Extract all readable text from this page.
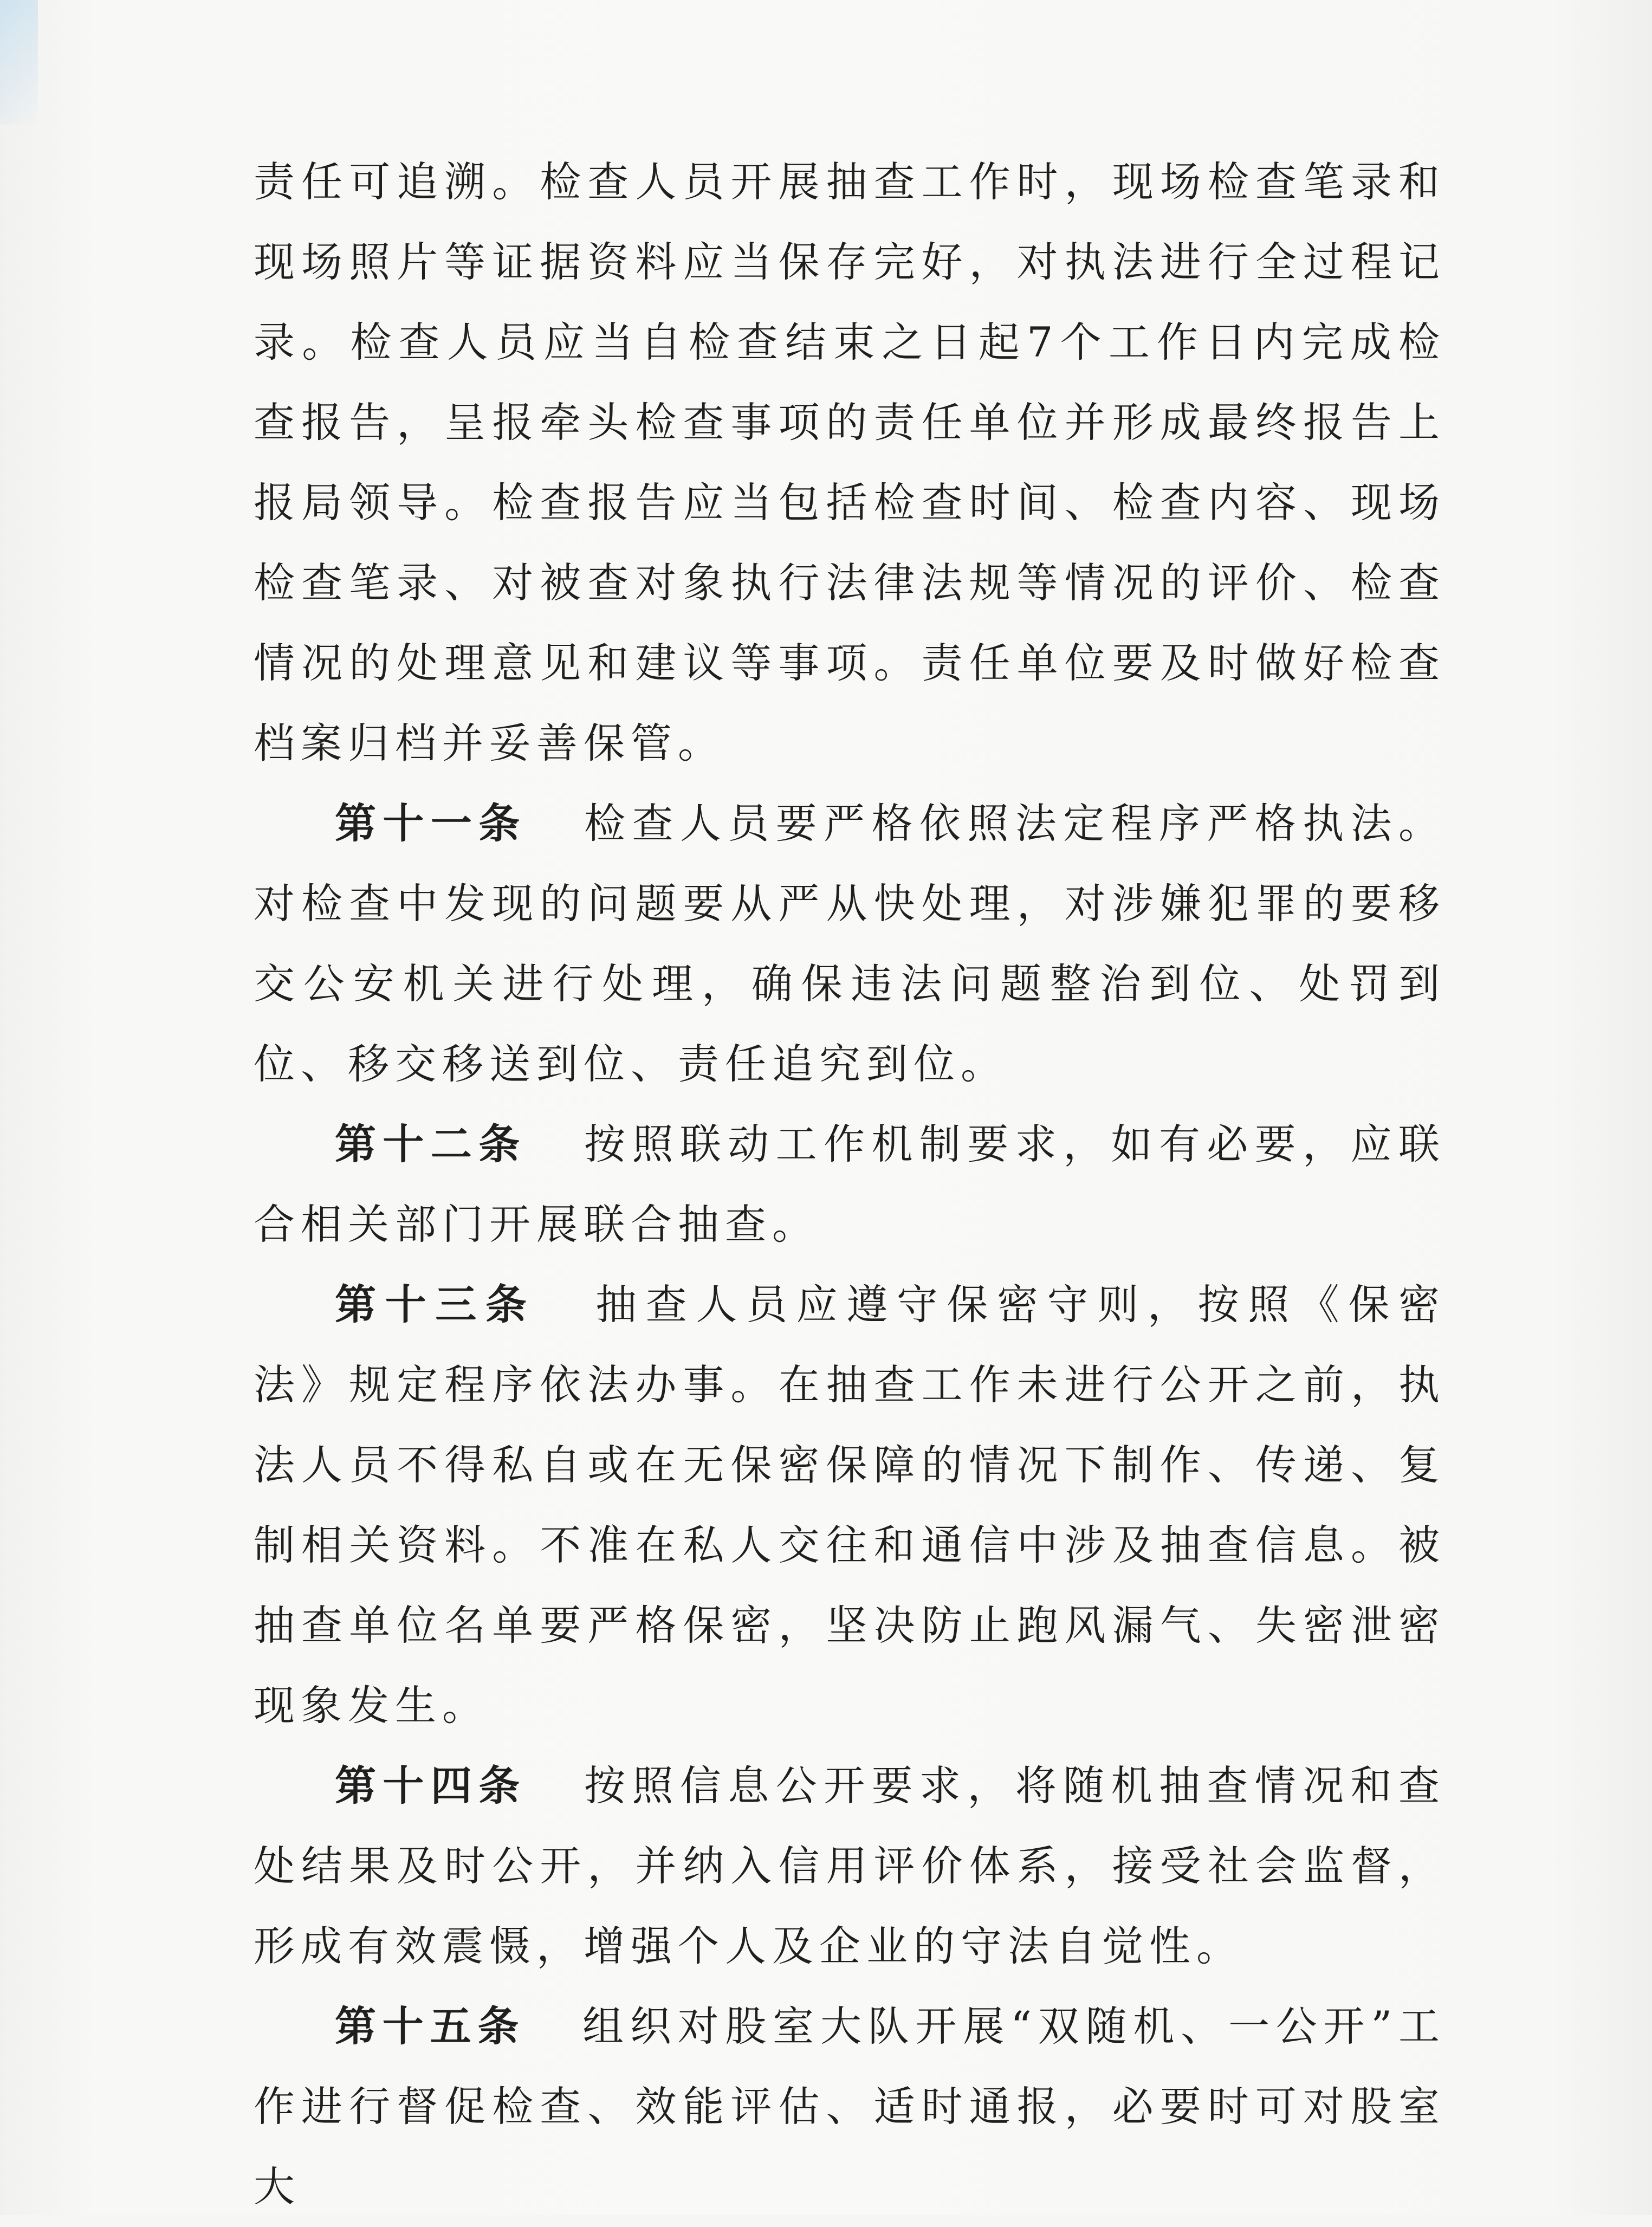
责任可追溯。检查人员开展抽查工作时，现场检查笔录和现场照片等证据资料应当保存完好，对执法进行全过程记录。检查人员应当自检查结束之日起7个工作日内完成检查报告，呈报牵头检查事项的责任单位并形成最终报告上报局领导。检查报告应当包括检查时间、检查内容、现场检查笔录、对被查对象执行法律法规等情况的评价、检查情况的处理意见和建议等事项。责任单位要及时做好检查档案归档并妥善保管。

第十一条 检查人员要严格依照法定程序严格执法。对检查中发现的问题要从严从快处理，对涉嫌犯罪的要移交公安机关进行处理，确保违法问题整治到位、处罚到位、移交移送到位、责任追究到位。

第十二条 按照联动工作机制要求，如有必要，应联合相关部门开展联合抽查。

第十三条 抽查人员应遵守保密守则，按照《保密法》规定程序依法办事。在抽查工作未进行公开之前，执法人员不得私自或在无保密保障的情况下制作、传递、复制相关资料。不准在私人交往和通信中涉及抽查信息。被抽查单位名单要严格保密，坚决防止跑风漏气、失密泄密现象发生。

第十四条 按照信息公开要求，将随机抽查情况和查处结果及时公开，并纳入信用评价体系，接受社会监督，形成有效震慑，增强个人及企业的守法自觉性。

第十五条 组织对股室大队开展“双随机、一公开”工作进行督促检查、效能评估、适时通报，必要时可对股室大
